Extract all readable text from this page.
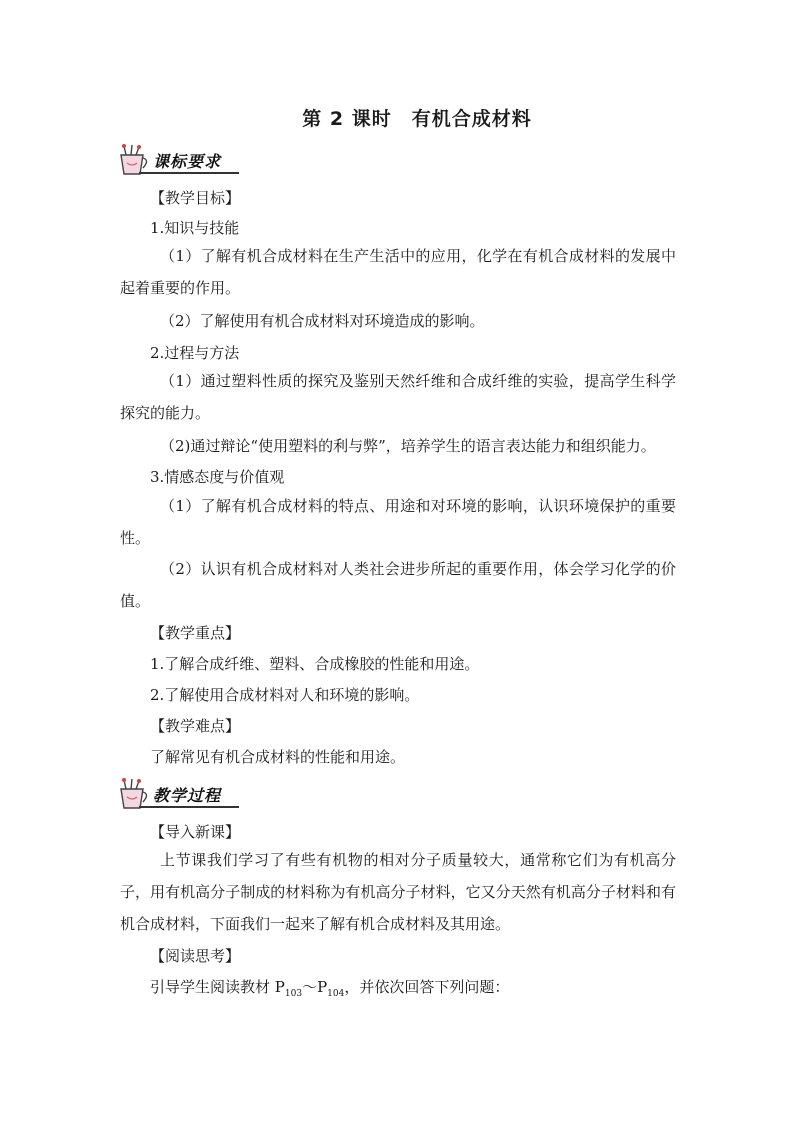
第 2 课时　有机合成材料
课标要求
【教学目标】
1.知识与技能
（1）了解有机合成材料在生产生活中的应用，化学在有机合成材料的发展中起着重要的作用。
（2）了解使用有机合成材料对环境造成的影响。
2.过程与方法
（1）通过塑料性质的探究及鉴别天然纤维和合成纤维的实验，提高学生科学探究的能力。
（2)通过辩论“使用塑料的利与弊”，培养学生的语言表达能力和组织能力。
3.情感态度与价值观
（1）了解有机合成材料的特点、用途和对环境的影响，认识环境保护的重要性。
（2）认识有机合成材料对人类社会进步所起的重要作用，体会学习化学的价值。
【教学重点】
1.了解合成纤维、塑料、合成橡胶的性能和用途。
2.了解使用合成材料对人和环境的影响。
【教学难点】
了解常见有机合成材料的性能和用途。
教学过程
【导入新课】
上节课我们学习了有些有机物的相对分子质量较大，通常称它们为有机高分子，用有机高分子制成的材料称为有机高分子材料，它又分天然有机高分子材料和有机合成材料，下面我们一起来了解有机合成材料及其用途。
【阅读思考】
引导学生阅读教材 $P_{103}\sim P_{104}$，并依次回答下列问题：
